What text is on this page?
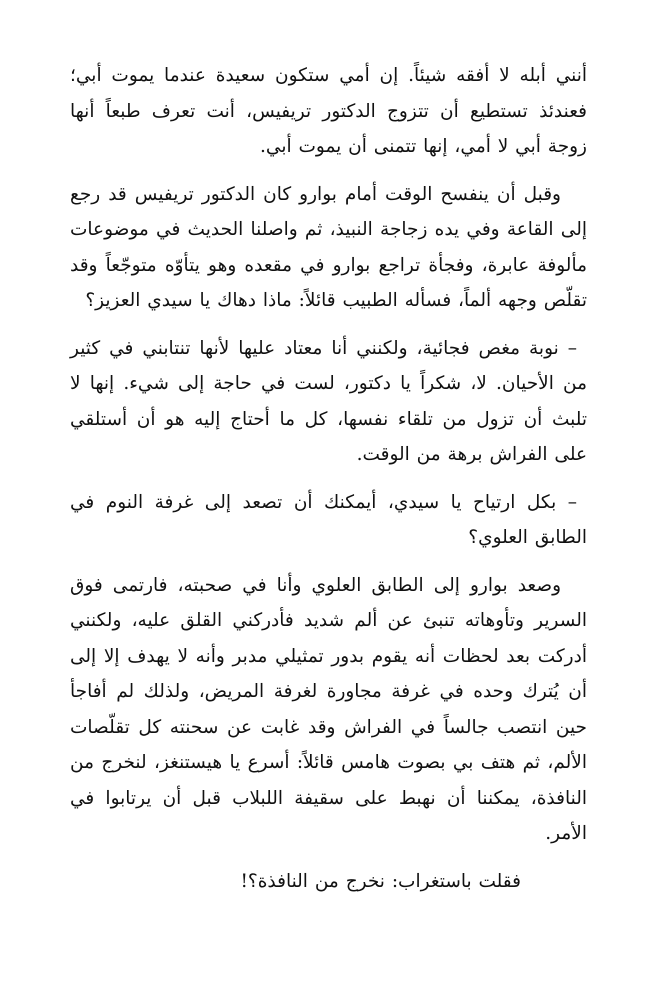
أنني أبله لا أفقه شيئاً. إن أمي ستكون سعيدة عندما يموت أبي؛ فعندئذ تستطيع أن تتزوج الدكتور تريفيس، أنت تعرف طبعاً أنها زوجة أبي لا أمي، إنها تتمنى أن يموت أبي.

وقبل أن ينفسح الوقت أمام بوارو كان الدكتور تريفيس قد رجع إلى القاعة وفي يده زجاجة النبيذ، ثم واصلنا الحديث في موضوعات مألوفة عابرة، وفجأة تراجع بوارو في مقعده وهو يتأوّه متوجّعاً وقد تقلّص وجهه ألماً، فسأله الطبيب قائلاً: ماذا دهاك يا سيدي العزيز؟

– نوبة مغص فجائية، ولكنني أنا معتاد عليها لأنها تنتابني في كثير من الأحيان. لا، شكراً يا دكتور، لست في حاجة إلى شيء. إنها لا تلبث أن تزول من تلقاء نفسها، كل ما أحتاج إليه هو أن أستلقي على الفراش برهة من الوقت.

– بكل ارتياح يا سيدي، أيمكنك أن تصعد إلى غرفة النوم في الطابق العلوي؟

وصعد بوارو إلى الطابق العلوي وأنا في صحبته، فارتمى فوق السرير وتأوهاته تنبئ عن ألم شديد فأدركني القلق عليه، ولكنني أدركت بعد لحظات أنه يقوم بدور تمثيلي مدبر وأنه لا يهدف إلا إلى أن يُترك وحده في غرفة مجاورة لغرفة المريض، ولذلك لم أفاجأ حين انتصب جالساً في الفراش وقد غابت عن سحنته كل تقلّصات الألم، ثم هتف بي بصوت هامس قائلاً: أسرع يا هيستنغز، لنخرج من النافذة، يمكننا أن نهبط على سقيفة اللبلاب قبل أن يرتابوا في الأمر.

فقلت باستغراب: نخرج من النافذة؟!
